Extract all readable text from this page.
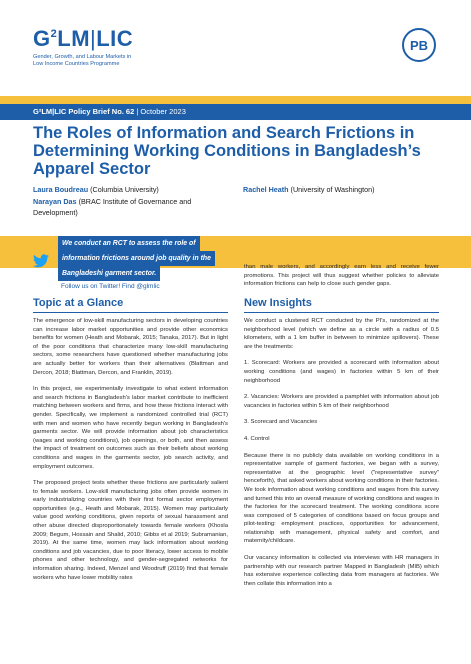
$G^2LM|LIC$
Gender, Growth, and Labour Markets in
Low Income Countries Programme
PB
G²LM|LIC Policy Brief No. 62 | October 2023
The Roles of Information and Search Frictions in
Determining Working Conditions in Bangladesh’s
Apparel Sector
Laura Boudreau (Columbia University)
Narayan Das (BRAC Institute of Governance and
Development)
Rachel Heath (University of Washington)
We conduct an RCT to assess the role of
information frictions around job quality in the
Bangladeshi garment sector.
Follow us on Twitter! Find @glmlic

than male workers, and accordingly earn less and receive fewer promotions. This project will thus suggest whether policies to alleviate information frictions can help to close such gender gaps.

Topic at a Glance

The emergence of low-skill manufacturing sectors in developing countries can increase labor market opportunities and provide other economics benefits for women (Heath and Mobarak, 2015; Tanaka, 2017). But in light of the poor conditions that characterize many low-skill manufacturing sectors, some researchers have questioned whether manufacturing jobs are actually better for workers than their alternatives (Blattman and Dercon, 2018; Blattman, Dercon, and Franklin, 2019).

In this project, we experimentally investigate to what extent information and search frictions in Bangladesh's labor market contribute to inefficient matching between workers and firms, and how these frictions interact with gender. Specifically, we implement a randomized controlled trial (RCT) with men and women who have recently begun working in Bangladesh's garments sector. We will provide information about job characteristics (wages and working conditions), job openings, or both, and then assess the impact of treatment on outcomes such as their beliefs about working conditions and wages in the garments sector, job search activity, and employment outcomes.

The proposed project tests whether these frictions are particularly salient to female workers. Low-skill manufacturing jobs often provide women in early industrializing countries with their first formal sector employment opportunities (e.g., Heath and Mobarak, 2015). Women may particularly value good working conditions, given reports of sexual harassment and other abuse directed disproportionately towards female workers (Khosla 2009; Begum, Hossain and Shalid, 2010; Gibbs et al 2019; Subramanian, 2019). At the same time, women may lack information about working conditions and job vacancies, due to poor literacy, lower access to mobile phones and other technology, and gender-segregated networks for information sharing. Indeed, Menzel and Woodruff (2019) find that female workers who have lower mobility rates

New Insights

We conduct a clustered RCT conducted by the PI's, randomized at the neighborhood level (which we define as a circle with a radius of 0.5 kilometers, with a 1 km buffer in between to minimize spillovers). These are the treatments:

1. Scorecard: Workers are provided a scorecard with information about working conditions (and wages) in factories within 5 km of their neighborhood

2. Vacancies: Workers are provided a pamphlet with information about job vacancies in factories within 5 km of their neighborhood

3. Scorecard and Vacancies

4. Control

Because there is no publicly data available on working conditions in a representative sample of garment factories, we began with a survey, representative at the geographic level ("representative survey" henceforth), that asked workers about working conditions in their factories. We took information about working conditions and wages from this survey and turned this into an overall measure of working conditions and wages in the factories for the scorecard treatment. The working conditions score was composed of 5 categories of conditions based on focus groups and pilot-testing: employment practices, opportunities for advancement, relationship with management, physical safety and comfort, and maternity/childcare.

Our vacancy information is collected via interviews with HR managers in partnership with our research partner Mapped in Bangladesh (MIB) which has extensive experience collecting data from managers at factories. We then collate this information into a
